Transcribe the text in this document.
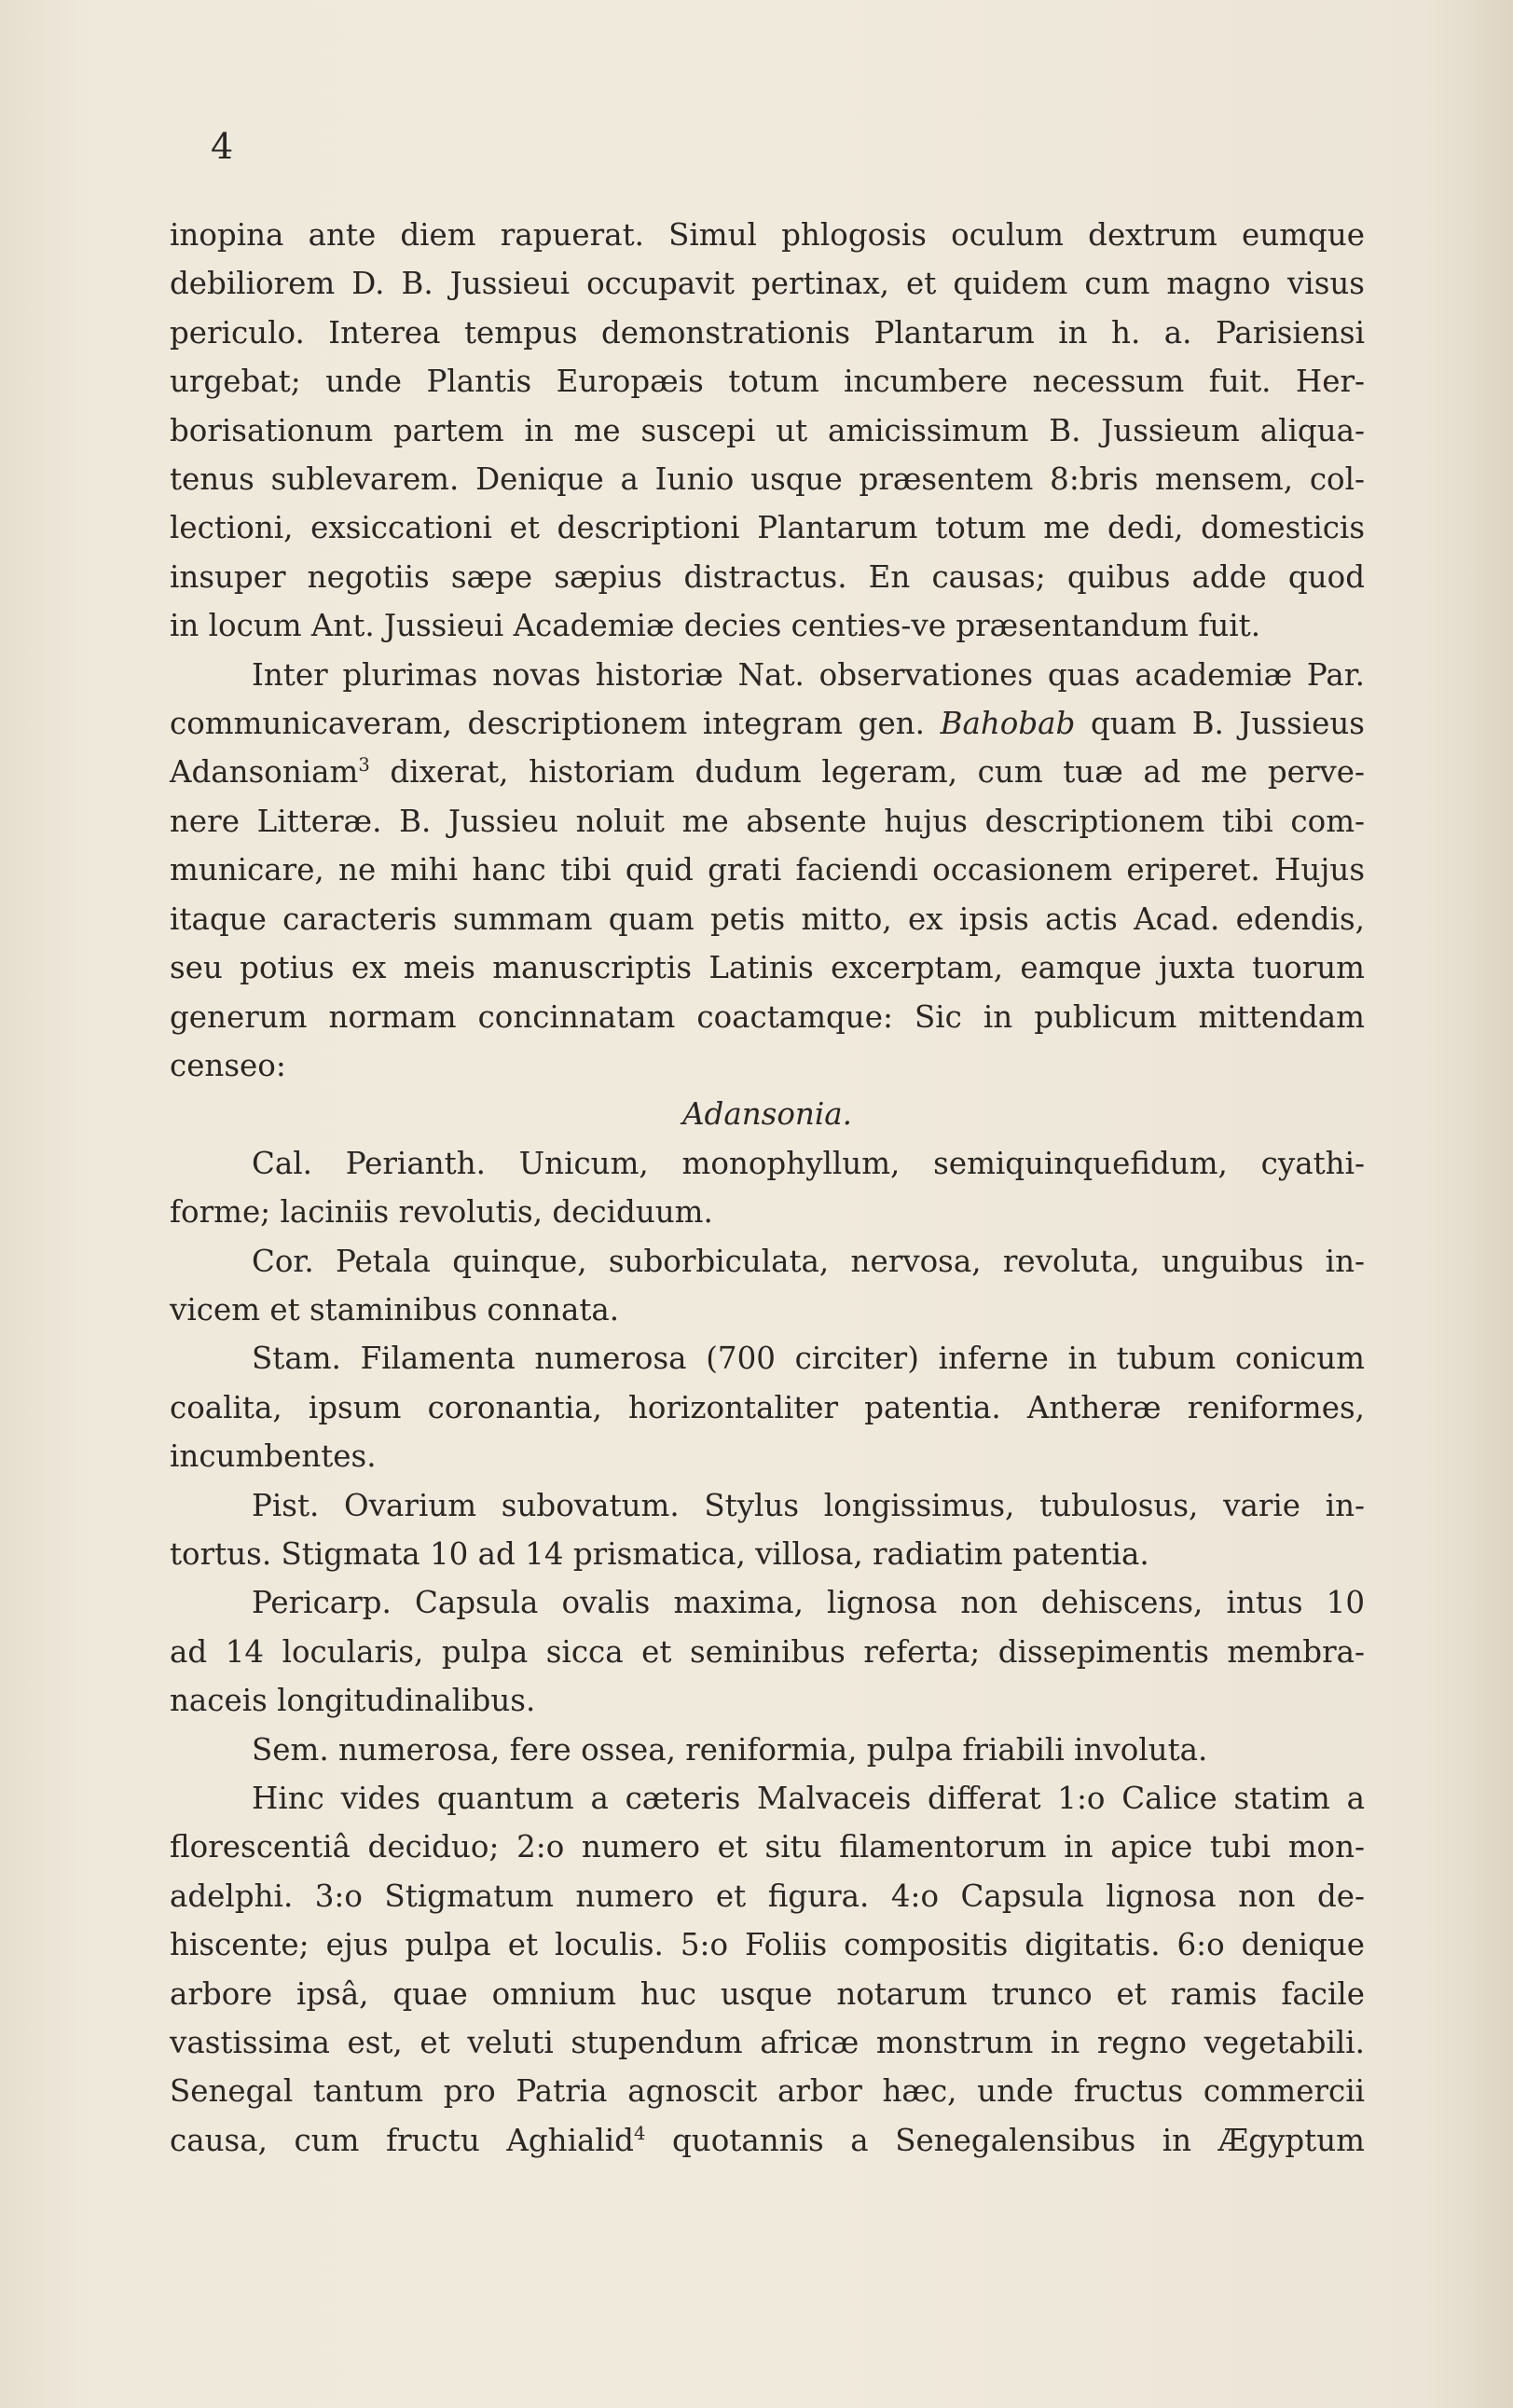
4
inopina ante diem rapuerat. Simul phlogosis oculum dextrum eumque
debiliorem D. B. Jussieui occupavit pertinax, et quidem cum magno visus
periculo. Interea tempus demonstrationis Plantarum in h. a. Parisiensi
urgebat; unde Plantis Europæis totum incumbere necessum fuit. Her-
borisationum partem in me suscepi ut amicissimum B. Jussieum aliqua-
tenus sublevarem. Denique a Iunio usque præsentem 8:bris mensem, col-
lectioni, exsiccationi et descriptioni Plantarum totum me dedi, domesticis
insuper negotiis sæpe sæpius distractus. En causas; quibus adde quod
in locum Ant. Jussieui Academiæ decies centies-ve præsentandum fuit.
Inter plurimas novas historiæ Nat. observationes quas academiæ Par.
communicaveram, descriptionem integram gen. Bahobab quam B. Jussieus
Adansoniam$^3$ dixerat, historiam dudum legeram, cum tuæ ad me perve-
nere Litteræ. B. Jussieu noluit me absente hujus descriptionem tibi com-
municare, ne mihi hanc tibi quid grati faciendi occasionem eriperet. Hujus
itaque caracteris summam quam petis mitto, ex ipsis actis Acad. edendis,
seu potius ex meis manuscriptis Latinis excerptam, eamque juxta tuorum
generum normam concinnatam coactamque: Sic in publicum mittendam
censeo:
Adansonia.
Cal. Perianth. Unicum, monophyllum, semiquinquefidum, cyathi-
forme; laciniis revolutis, deciduum.
Cor. Petala quinque, suborbiculata, nervosa, revoluta, unguibus in-
vicem et staminibus connata.
Stam. Filamenta numerosa (700 circiter) inferne in tubum conicum
coalita, ipsum coronantia, horizontaliter patentia. Antheræ reniformes,
incumbentes.
Pist. Ovarium subovatum. Stylus longissimus, tubulosus, varie in-
tortus. Stigmata 10 ad 14 prismatica, villosa, radiatim patentia.
Pericarp. Capsula ovalis maxima, lignosa non dehiscens, intus 10
ad 14 locularis, pulpa sicca et seminibus referta; dissepimentis membra-
naceis longitudinalibus.
Sem. numerosa, fere ossea, reniformia, pulpa friabili involuta.
Hinc vides quantum a cæteris Malvaceis differat 1:o Calice statim a
florescentiâ deciduo; 2:o numero et situ filamentorum in apice tubi mon-
adelphi. 3:o Stigmatum numero et figura. 4:o Capsula lignosa non de-
hiscente; ejus pulpa et loculis. 5:o Foliis compositis digitatis. 6:o denique
arbore ipsâ, quae omnium huc usque notarum trunco et ramis facile
vastissima est, et veluti stupendum africæ monstrum in regno vegetabili.
Senegal tantum pro Patria agnoscit arbor hæc, unde fructus commercii
causa, cum fructu Aghialid$^4$ quotannis a Senegalensibus in Ægyptum
